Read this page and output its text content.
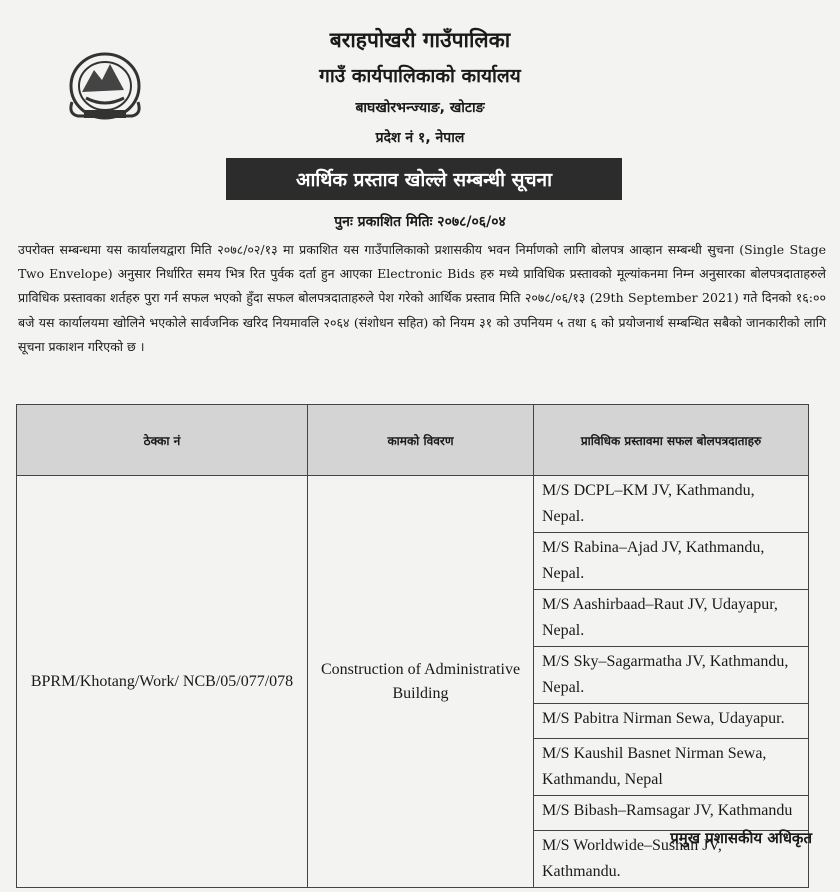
बराहपोखरी गाउँपालिका
गाउँ कार्यपालिकाको कार्यालय
बाघखोरभन्ज्याङ, खोटाङ
प्रदेश नं १, नेपाल
आर्थिक प्रस्ताव खोल्ले सम्बन्धी सूचना
पुनः प्रकाशित मितिः २०७८/०६/०४
उपरोक्त सम्बन्धमा यस कार्यालयद्वारा मिति २०७८/०२/१३ मा प्रकाशित यस गाउँपालिकाको प्रशासकीय भवन निर्माणको लागि बोलपत्र आव्हान सम्बन्धी सुचना (Single Stage Two Envelope) अनुसार निर्धारित समय भित्र रित पुर्वक दर्ता हुन आएका Electronic Bids हरु मध्ये प्राविधिक प्रस्तावको मूल्यांकनमा निम्न अनुसारका बोलपत्रदाताहरुले प्राविधिक प्रस्तावका शर्तहरु पुरा गर्न सफल भएको हुँदा सफल बोलपत्रदाताहरुले पेश गरेको आर्थिक प्रस्ताव मिति २०७८/०६/१३ (29th September 2021) गते दिनको १६:०० बजे यस कार्यालयमा खोलिने भएकोले सार्वजनिक खरिद नियमावलि २०६४ (संशोधन सहित) को नियम ३१ को उपनियम ५ तथा ६ को प्रयोजनार्थ सम्बन्धित सबैको जानकारीको लागि सूचना प्रकाशन गरिएको छ ।
ठेक्का नं	कामको विवरण	प्राविधिक प्रस्तावमा सफल बोलपत्रदाताहरु
BPRM/Khotang/Work/ NCB/05/077/078	Construction of Administrative Building	M/S DCPL–KM JV, Kathmandu, Nepal.
		M/S Rabina–Ajad JV, Kathmandu, Nepal.
		M/S Aashirbaad–Raut JV, Udayapur, Nepal.
		M/S Sky–Sagarmatha JV, Kathmandu, Nepal.
		M/S Pabitra Nirman Sewa, Udayapur.
		M/S Kaushil Basnet Nirman Sewa, Kathmandu, Nepal
		M/S Bibash–Ramsagar JV, Kathmandu
		M/S Worldwide–Sushan JV, Kathmandu.
प्रमुख प्रशासकीय अधिकृत
